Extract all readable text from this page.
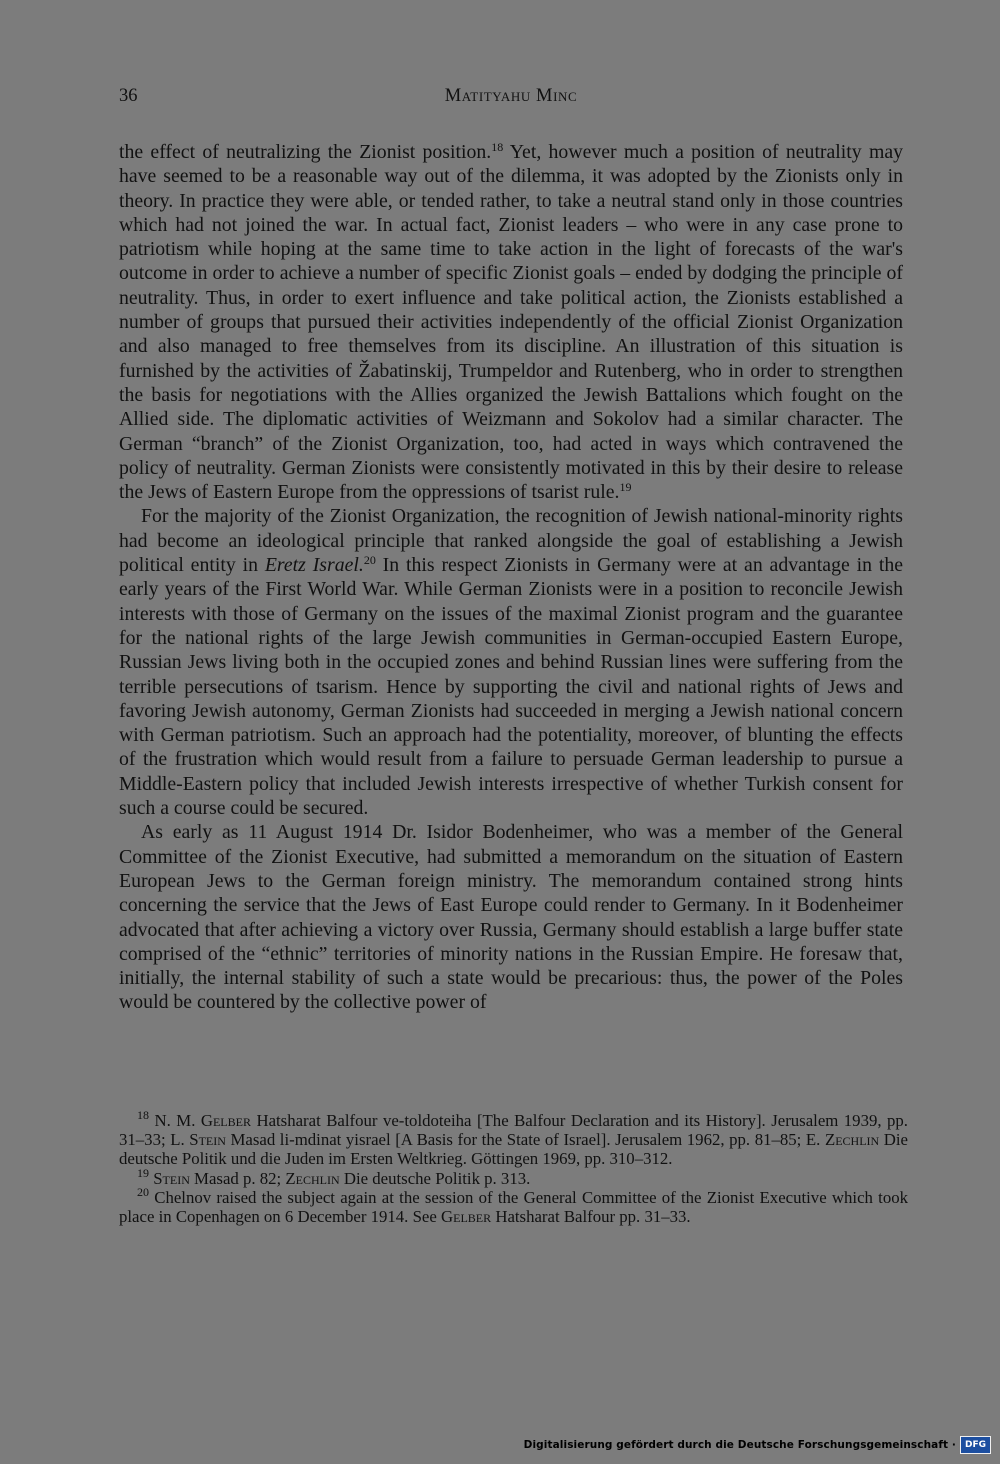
36	Matityahu Minc

the effect of neutralizing the Zionist position.$^{18}$ Yet, however much a position of neutrality may have seemed to be a reasonable way out of the dilemma, it was adopted by the Zionists only in theory. In practice they were able, or tended rather, to take a neutral stand only in those countries which had not joined the war. In actual fact, Zionist leaders – who were in any case prone to patriotism while hoping at the same time to take action in the light of forecasts of the war's outcome in order to achieve a number of specific Zionist goals – ended by dodging the principle of neutrality. Thus, in order to exert influence and take political action, the Zionists established a number of groups that pursued their activities independently of the official Zionist Organization and also managed to free themselves from its discipline. An illustration of this situation is furnished by the activities of Žabatinskij, Trumpeldor and Rutenberg, who in order to strengthen the basis for negotiations with the Allies organized the Jewish Battalions which fought on the Allied side. The diplomatic activities of Weizmann and Sokolov had a similar character. The German “branch” of the Zionist Organization, too, had acted in ways which contravened the policy of neutrality. German Zionists were consistently motivated in this by their desire to release the Jews of Eastern Europe from the oppressions of tsarist rule.$^{19}$

For the majority of the Zionist Organization, the recognition of Jewish national-minority rights had become an ideological principle that ranked alongside the goal of establishing a Jewish political entity in Eretz Israel.$^{20}$ In this respect Zionists in Germany were at an advantage in the early years of the First World War. While German Zionists were in a position to reconcile Jewish interests with those of Germany on the issues of the maximal Zionist program and the guarantee for the national rights of the large Jewish communities in German-occupied Eastern Europe, Russian Jews living both in the occupied zones and behind Russian lines were suffering from the terrible persecutions of tsarism. Hence by supporting the civil and national rights of Jews and favoring Jewish autonomy, German Zionists had succeeded in merging a Jewish national concern with German patriotism. Such an approach had the potentiality, moreover, of blunting the effects of the frustration which would result from a failure to persuade German leadership to pursue a Middle-Eastern policy that included Jewish interests irrespective of whether Turkish consent for such a course could be secured.

As early as 11 August 1914 Dr. Isidor Bodenheimer, who was a member of the General Committee of the Zionist Executive, had submitted a memorandum on the situation of Eastern European Jews to the German foreign ministry. The memorandum contained strong hints concerning the service that the Jews of East Europe could render to Germany. In it Bodenheimer advocated that after achieving a victory over Russia, Germany should establish a large buffer state comprised of the “ethnic” territories of minority nations in the Russian Empire. He foresaw that, initially, the internal stability of such a state would be precarious: thus, the power of the Poles would be countered by the collective power of

$^{18}$ N. M. Gelber Hatsharat Balfour ve-toldoteiha [The Balfour Declaration and its History]. Jerusalem 1939, pp. 31–33; L. Stein Masad li-mdinat yisrael [A Basis for the State of Israel]. Jerusalem 1962, pp. 81–85; E. Zechlin Die deutsche Politik und die Juden im Ersten Weltkrieg. Göttingen 1969, pp. 310–312.

$^{19}$ Stein Masad p. 82; Zechlin Die deutsche Politik p. 313.

$^{20}$ Chelnov raised the subject again at the session of the General Committee of the Zionist Executive which took place in Copenhagen on 6 December 1914. See Gelber Hatsharat Balfour pp. 31–33.

Digitalisierung gefördert durch die Deutsche Forschungsgemeinschaft ·	DFG
